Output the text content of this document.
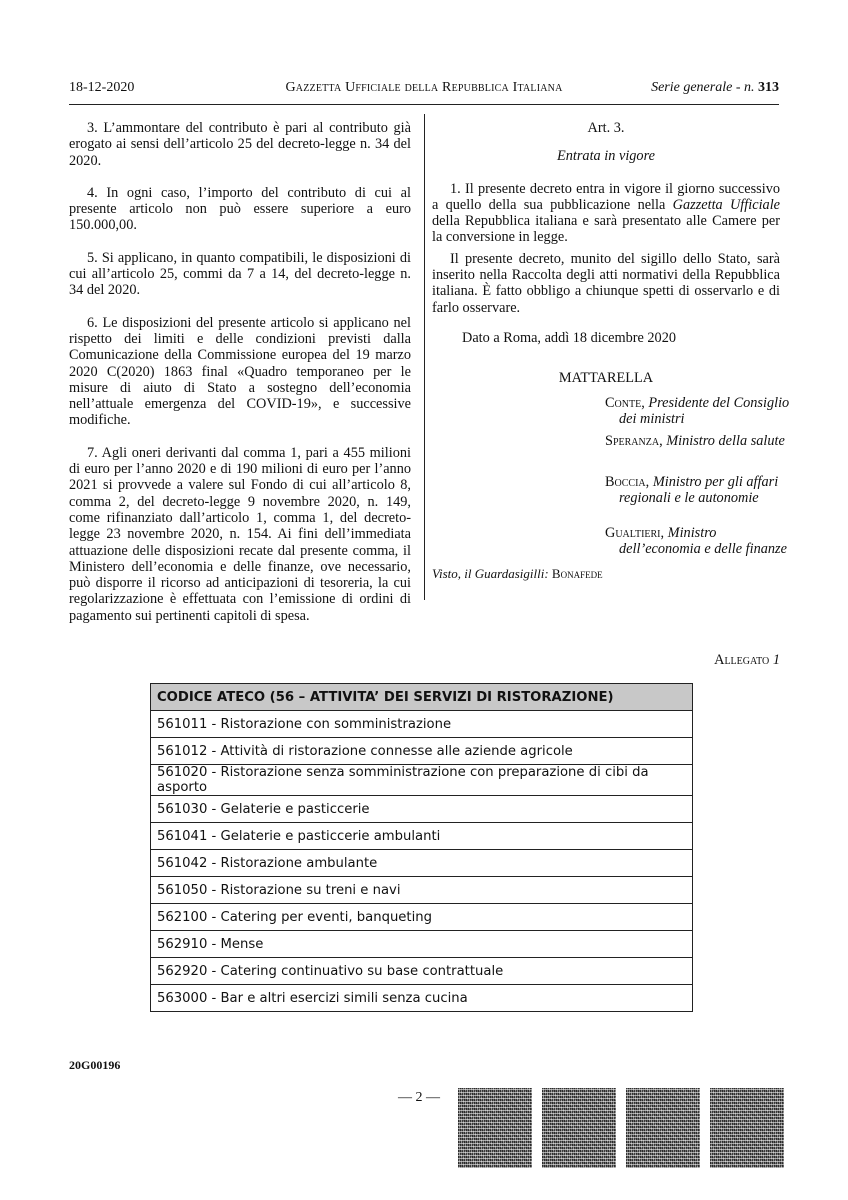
18-12-2020	Gazzetta Ufficiale della Repubblica Italiana	Serie generale - n. 313

3. L’ammontare del contributo è pari al contributo già erogato ai sensi dell’articolo 25 del decreto-legge n. 34 del 2020.

4. In ogni caso, l’importo del contributo di cui al presente articolo non può essere superiore a euro 150.000,00.

5. Si applicano, in quanto compatibili, le disposizioni di cui all’articolo 25, commi da 7 a 14, del decreto-legge n. 34 del 2020.

6. Le disposizioni del presente articolo si applicano nel rispetto dei limiti e delle condizioni previsti dalla Comunicazione della Commissione europea del 19 marzo 2020 C(2020) 1863 final «Quadro temporaneo per le misure di aiuto di Stato a sostegno dell’economia nell’attuale emergenza del COVID-19», e successive modifiche.

7. Agli oneri derivanti dal comma 1, pari a 455 milioni di euro per l’anno 2020 e di 190 milioni di euro per l’anno 2021 si provvede a valere sul Fondo di cui all’articolo 8, comma 2, del decreto-legge 9 novembre 2020, n. 149, come rifinanziato dall’articolo 1, comma 1, del decreto-legge 23 novembre 2020, n. 154. Ai fini dell’immediata attuazione delle disposizioni recate dal presente comma, il Ministero dell’economia e delle finanze, ove necessario, può disporre il ricorso ad anticipazioni di tesoreria, la cui regolarizzazione è effettuata con l’emissione di ordini di pagamento sui pertinenti capitoli di spesa.

Art. 3.

Entrata in vigore

1. Il presente decreto entra in vigore il giorno successivo a quello della sua pubblicazione nella Gazzetta Ufficiale della Repubblica italiana e sarà presentato alle Camere per la conversione in legge.

Il presente decreto, munito del sigillo dello Stato, sarà inserito nella Raccolta degli atti normativi della Repubblica italiana. È fatto obbligo a chiunque spetti di osservarlo e di farlo osservare.

Dato a Roma, addì 18 dicembre 2020

MATTARELLA

Conte, Presidente del Consiglio dei ministri
Speranza, Ministro della salute
Boccia, Ministro per gli affari regionali e le autonomie
Gualtieri, Ministro dell’economia e delle finanze
Visto, il Guardasigilli: Bonafede
Allegato 1
CODICE ATECO (56 – ATTIVITA’ DEI SERVIZI DI RISTORAZIONE)
561011 - Ristorazione con somministrazione
561012 - Attività di ristorazione connesse alle aziende agricole
561020 - Ristorazione senza somministrazione con preparazione di cibi da asporto
561030 - Gelaterie e pasticcerie
561041 - Gelaterie e pasticcerie ambulanti
561042 - Ristorazione ambulante
561050 - Ristorazione su treni e navi
562100 - Catering per eventi, banqueting
562910 - Mense
562920 - Catering continuativo su base contrattuale
563000 - Bar e altri esercizi simili senza cucina
20G00196
— 2 —
